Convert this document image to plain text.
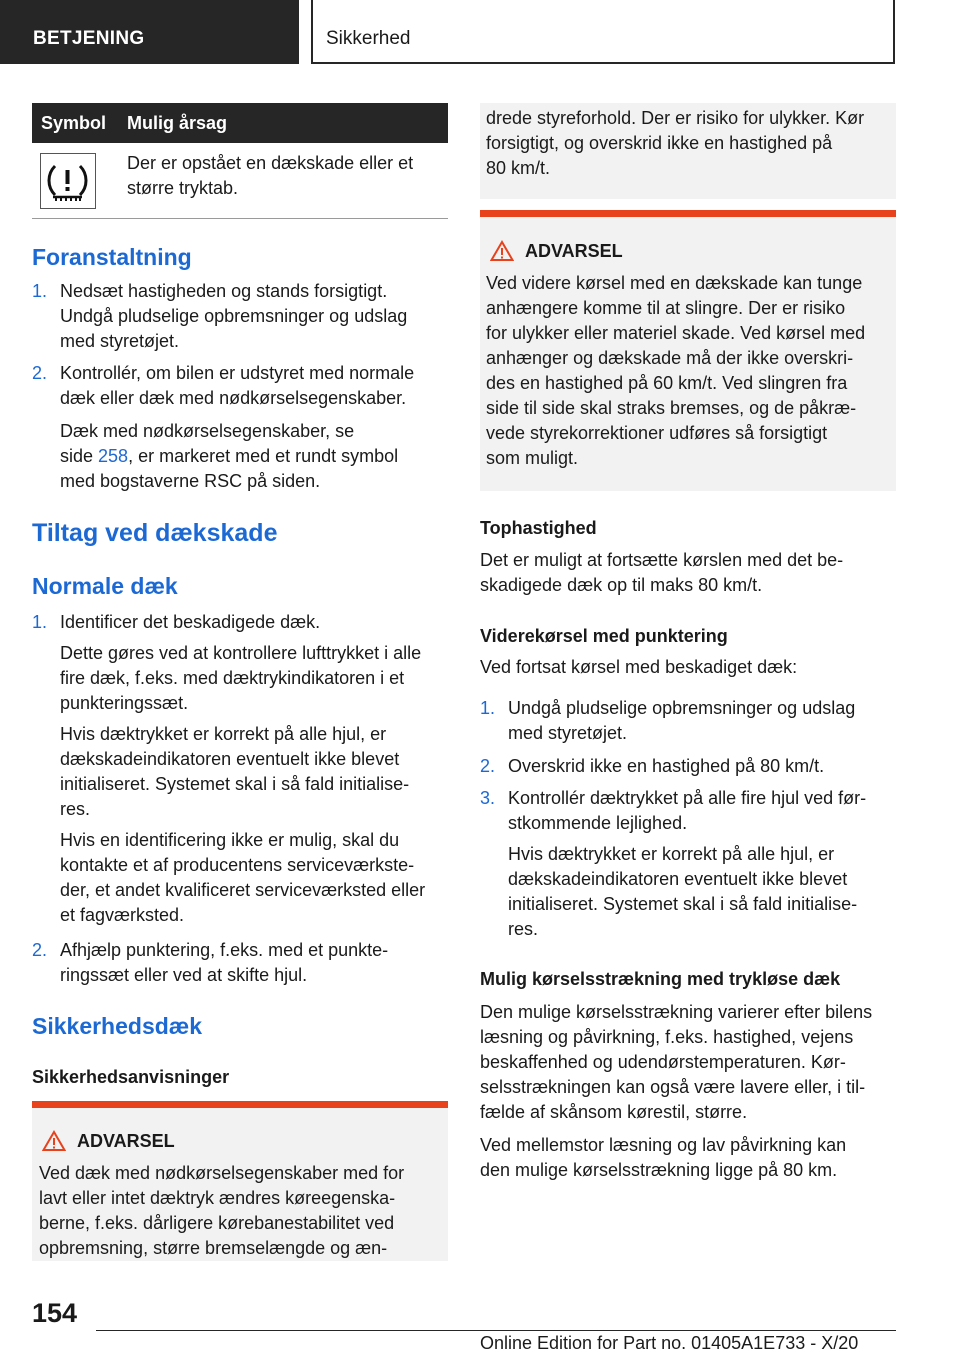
BETJENING	Sikkerhed
Symbol Mulig årsag
Der er opstået en dækskade eller et
større tryktab.
Foranstaltning
1. Nedsæt hastigheden og stands forsigtigt.
Undgå pludselige opbremsninger og udslag
med styretøjet.
2. Kontrollér, om bilen er udstyret med normale
dæk eller dæk med nødkørselsegenskaber.
Dæk med nødkørselsegenskaber, se
side 258, er markeret med et rundt symbol
med bogstaverne RSC på siden.
Tiltag ved dækskade
Normale dæk
1. Identificer det beskadigede dæk.
Dette gøres ved at kontrollere lufttrykket i alle
fire dæk, f.eks. med dæktrykindikatoren i et
punkteringssæt.
Hvis dæktrykket er korrekt på alle hjul, er
dækskadeindikatoren eventuelt ikke blevet
initialiseret. Systemet skal i så fald initialise-
res.
Hvis en identificering ikke er mulig, skal du
kontakte et af producentens serviceværkste-
der, et andet kvalificeret serviceværksted eller
et fagværksted.
2. Afhjælp punktering, f.eks. med et punkte-
ringssæt eller ved at skifte hjul.
Sikkerhedsdæk
Sikkerhedsanvisninger
ADVARSEL
Ved dæk med nødkørselsegenskaber med for
lavt eller intet dæktryk ændres køreegenska-
berne, f.eks. dårligere kørebanestabilitet ved
opbremsning, større bremselængde og æn-
drede styreforhold. Der er risiko for ulykker. Kør
forsigtigt, og overskrid ikke en hastighed på
80 km/t.
ADVARSEL
Ved videre kørsel med en dækskade kan tunge
anhængere komme til at slingre. Der er risiko
for ulykker eller materiel skade. Ved kørsel med
anhænger og dækskade må der ikke overskri-
des en hastighed på 60 km/t. Ved slingren fra
side til side skal straks bremses, og de påkræ-
vede styrekorrektioner udføres så forsigtigt
som muligt.
Tophastighed
Det er muligt at fortsætte kørslen med det be-
skadigede dæk op til maks 80 km/t.
Viderekørsel med punktering
Ved fortsat kørsel med beskadiget dæk:
1. Undgå pludselige opbremsninger og udslag
med styretøjet.
2. Overskrid ikke en hastighed på 80 km/t.
3. Kontrollér dæktrykket på alle fire hjul ved før-
stkommende lejlighed.
Hvis dæktrykket er korrekt på alle hjul, er
dækskadeindikatoren eventuelt ikke blevet
initialiseret. Systemet skal i så fald initialise-
res.
Mulig kørselsstrækning med trykløse dæk
Den mulige kørselsstrækning varierer efter bilens
læsning og påvirkning, f.eks. hastighed, vejens
beskaffenhed og udendørstemperaturen. Kør-
selsstrækningen kan også være lavere eller, i til-
fælde af skånsom kørestil, større.
Ved mellemstor læsning og lav påvirkning kan
den mulige kørselsstrækning ligge på 80 km.
154
Online Edition for Part no. 01405A1E733 - X/20
